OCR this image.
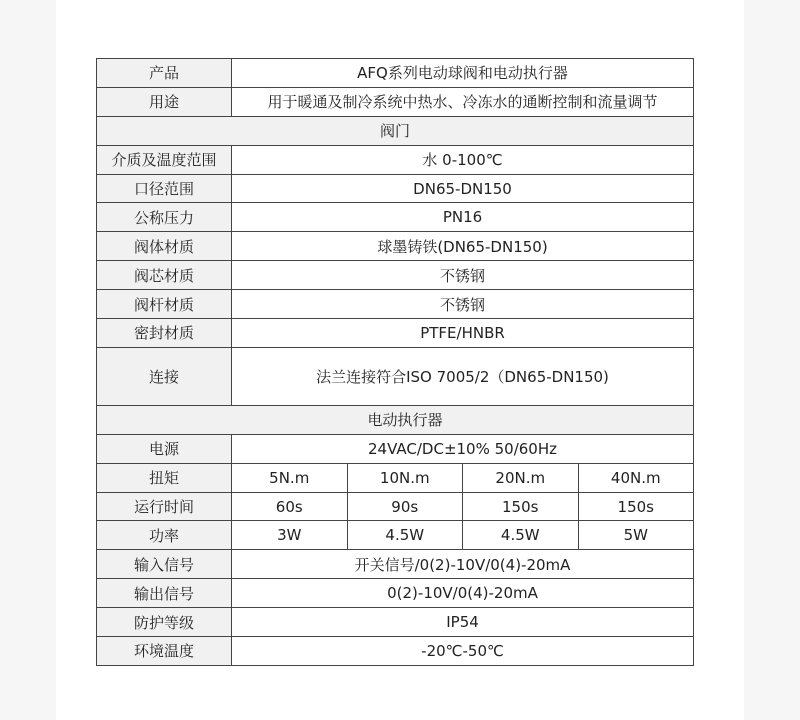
产品	AFQ系列电动球阀和电动执行器			
用途	用于暖通及制冷系统中热水、冷冻水的通断控制和流量调节			
阀门				
介质及温度范围	水 0-100℃			
口径范围	DN65-DN150			
公称压力	PN16			
阀体材质	球墨铸铁(DN65-DN150)			
阀芯材质	不锈钢			
阀杆材质	不锈钢			
密封材质	PTFE/HNBR			
连接	法兰连接符合ISO 7005/2（DN65-DN150)			
电动执行器				
电源	24VAC/DC±10% 50/60Hz			
扭矩	5N.m	10N.m	20N.m	40N.m
运行时间	60s	90s	150s	150s
功率	3W	4.5W	4.5W	5W
输入信号	开关信号/0(2)-10V/0(4)-20mA			
输出信号	0(2)-10V/0(4)-20mA			
防护等级	IP54			
环境温度	-20℃-50℃			
